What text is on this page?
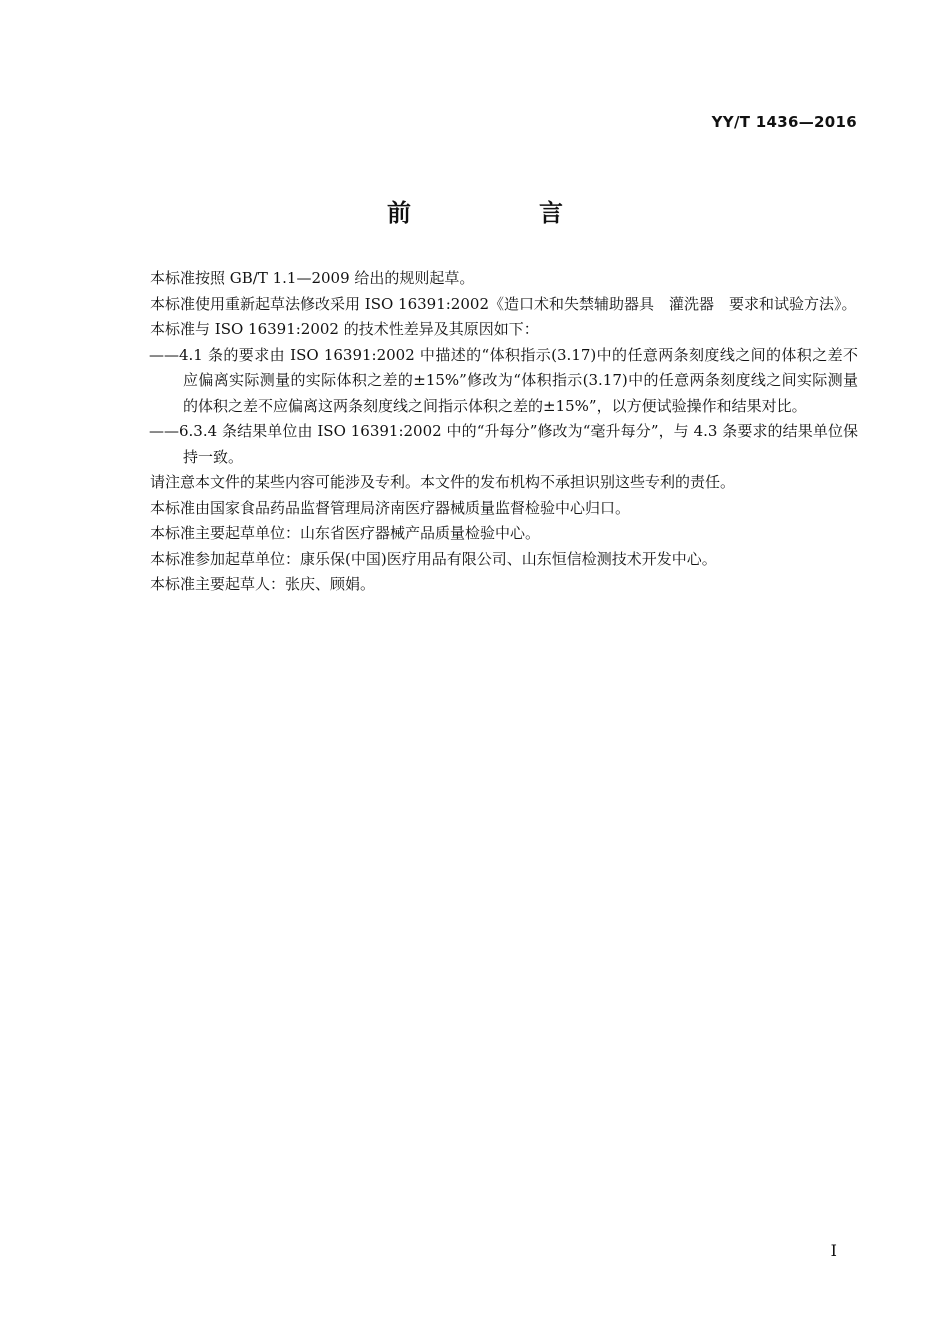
YY/T 1436—2016
前　言

本标准按照 GB/T 1.1—2009 给出的规则起草。

本标准使用重新起草法修改采用 ISO 16391:2002《造口术和失禁辅助器具　灌洗器　要求和试验方法》。

本标准与 ISO 16391:2002 的技术性差异及其原因如下：

——4.1 条的要求由 ISO 16391:2002 中描述的“体积指示(3.17)中的任意两条刻度线之间的体积之差不应偏离实际测量的实际体积之差的±15%”修改为“体积指示(3.17)中的任意两条刻度线之间实际测量的体积之差不应偏离这两条刻度线之间指示体积之差的±15%”，以方便试验操作和结果对比。

——6.3.4 条结果单位由 ISO 16391:2002 中的“升每分”修改为“毫升每分”，与 4.3 条要求的结果单位保持一致。

请注意本文件的某些内容可能涉及专利。本文件的发布机构不承担识别这些专利的责任。

本标准由国家食品药品监督管理局济南医疗器械质量监督检验中心归口。

本标准主要起草单位：山东省医疗器械产品质量检验中心。

本标准参加起草单位：康乐保(中国)医疗用品有限公司、山东恒信检测技术开发中心。

本标准主要起草人：张庆、顾娟。

I
